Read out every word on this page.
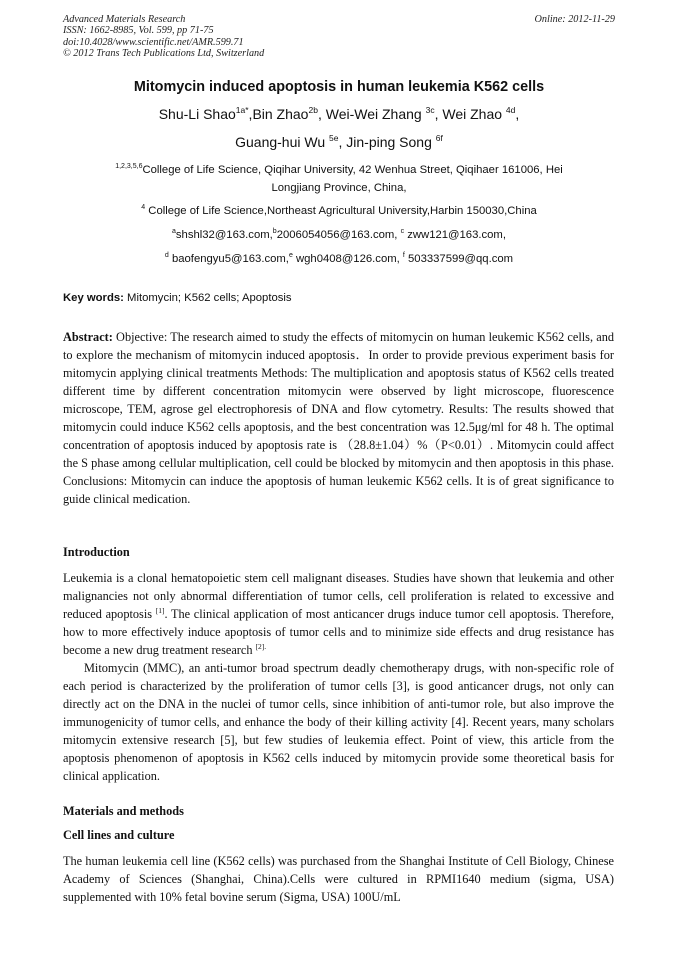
Advanced Materials Research
ISSN: 1662-8985, Vol. 599, pp 71-75
doi:10.4028/www.scientific.net/AMR.599.71
© 2012 Trans Tech Publications Ltd, Switzerland
Online: 2012-11-29
Mitomycin induced apoptosis in human leukemia K562 cells
Shu-Li Shao$^{1a*}$,Bin Zhao$^{2b}$, Wei-Wei Zhang $^{3c}$, Wei Zhao $^{4d}$,
Guang-hui Wu $^{5e}$, Jin-ping Song $^{6f}$
$^{1,2,3,5,6}$College of Life Science, Qiqihar University, 42 Wenhua Street, Qiqihaer 161006, Hei
Longjiang Province, China,
$^4$ College of Life Science,Northeast Agricultural University,Harbin 150030,China
$^a$shshl32@163.com,$^b$2006054056@163.com, $^c$ zww121@163.com,
$^d$ baofengyu5@163.com,$^e$ wgh0408@126.com, $^f$ 503337599@qq.com
Key words: Mitomycin; K562 cells; Apoptosis
Abstract: Objective: The research aimed to study the effects of mitomycin on human leukemic K562 cells, and to explore the mechanism of mitomycin induced apoptosis．In order to provide previous experiment basis for mitomycin applying clinical treatments Methods: The multiplication and apoptosis status of K562 cells treated different time by different concentration mitomycin were observed by light microscope, fluorescence microscope, TEM, agrose gel electrophoresis of DNA and flow cytometry. Results: The results showed that mitomycin could induce K562 cells apoptosis, and the best concentration was 12.5μg/ml for 48 h. The optimal concentration of apoptosis induced by apoptosis rate is （28.8±1.04）%（P<0.01）. Mitomycin could affect the S phase among cellular multiplication, cell could be blocked by mitomycin and then apoptosis in this phase. Conclusions: Mitomycin can induce the apoptosis of human leukemic K562 cells. It is of great significance to guide clinical medication.
Introduction
Leukemia is a clonal hematopoietic stem cell malignant diseases. Studies have shown that leukemia and other malignancies not only abnormal differentiation of tumor cells, cell proliferation is related to excessive and reduced apoptosis [1]. The clinical application of most anticancer drugs induce tumor cell apoptosis. Therefore, how to more effectively induce apoptosis of tumor cells and to minimize side effects and drug resistance has become a new drug treatment research $^{[2].}$
Mitomycin (MMC), an anti-tumor broad spectrum deadly chemotherapy drugs, with non-specific role of each period is characterized by the proliferation of tumor cells [3], is good anticancer drugs, not only can directly act on the DNA in the nuclei of tumor cells, since inhibition of anti-tumor role, but also improve the immunogenicity of tumor cells, and enhance the body of their killing activity [4]. Recent years, many scholars mitomycin extensive research [5], but few studies of leukemia effect. Point of view, this article from the apoptosis phenomenon of apoptosis in K562 cells induced by mitomycin provide some theoretical basis for clinical application.
Materials and methods
Cell lines and culture
The human leukemia cell line (K562 cells) was purchased from the Shanghai Institute of Cell Biology, Chinese Academy of Sciences (Shanghai, China).Cells were cultured in RPMI1640 medium (sigma, USA) supplemented with 10% fetal bovine serum (Sigma, USA) 100U/mL
